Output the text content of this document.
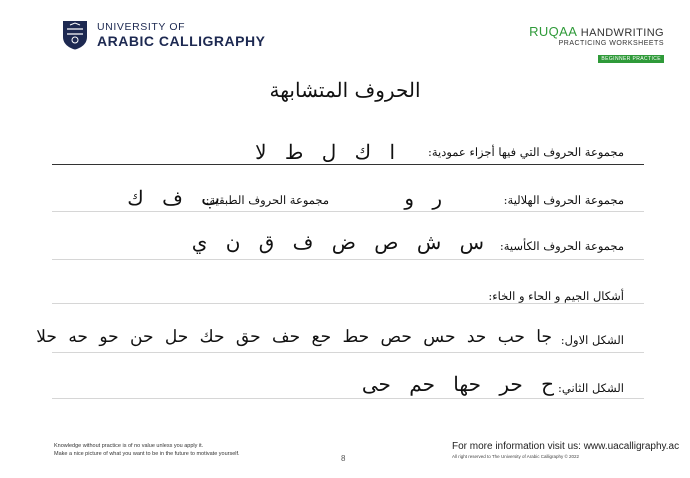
UNIVERSITY OF
ARABIC CALLIGRAPHY
RUQAA HANDWRITING
PRACTICING WORKSHEETS
BEGINNER PRACTICE
الحروف المتشابهة
مجموعة الحروف التي فيها أجزاء عمودية:
ا ك ل ط لا
مجموعة الحروف الهلالية:
ر و
مجموعة الحروف الطبقية:
ب ف ك
مجموعة الحروف الكأسية:
س ش ص ض ف ق ن ي
أشكال الجيم و الحاء و الخاء:
الشكل الاول:
جا حب حد حس حص حط حع حف حق حك حل حن حو حه حلا
الشكل الثاني:
ح حر حها حم حى
Knowledge without practice is of no value unless you apply it.
Make a nice picture of what you want to be in the future to motivate yourself.	8
For more information visit us: www.uacalligraphy.ac
All right reserved to The University of Arabic Calligraphy © 2022
